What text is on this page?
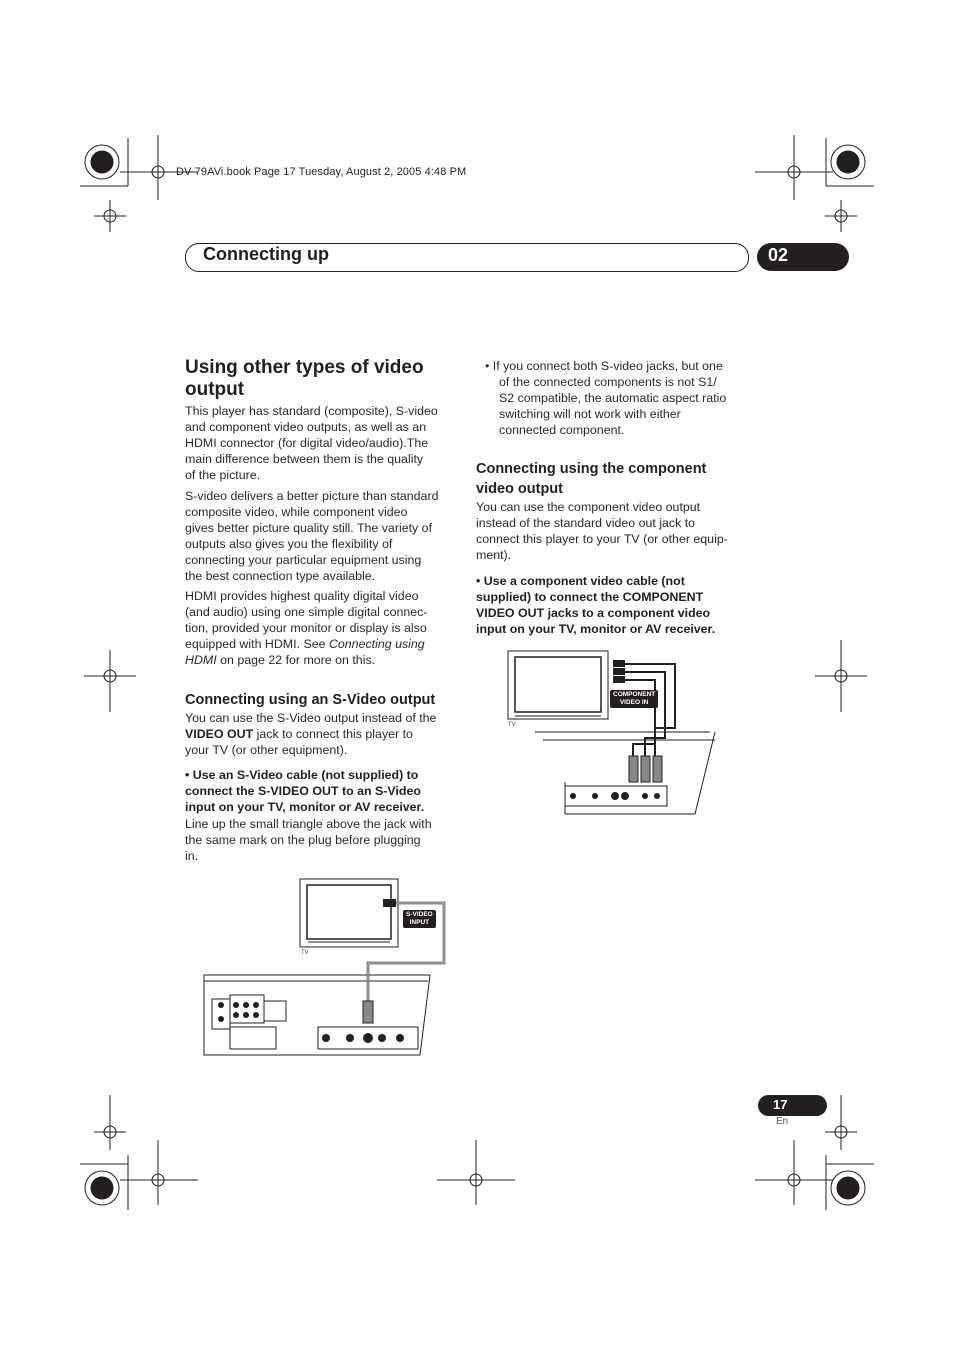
DV-79AVi.book Page 17 Tuesday, August 2, 2005 4:48 PM
Connecting up	02
Using other types of video
output
This player has standard (composite), S-video
and component video outputs, as well as an
HDMI connector (for digital video/audio).The
main difference between them is the quality
of the picture.
S-video delivers a better picture than standard
composite video, while component video
gives better picture quality still. The variety of
outputs also gives you the flexibility of
connecting your particular equipment using
the best connection type available.
HDMI provides highest quality digital video
(and audio) using one simple digital connec-
tion, provided your monitor or display is also
equipped with HDMI. See Connecting using
HDMI on page 22 for more on this.
Connecting using an S-Video output
You can use the S-Video output instead of the
VIDEO OUT jack to connect this player to
your TV (or other equipment).
• Use an S-Video cable (not supplied) to
connect the S-VIDEO OUT to an S-Video
input on your TV, monitor or AV receiver.
Line up the small triangle above the jack with
the same mark on the plug before plugging
in.
S-VIDEO
INPUT
TV
• If you connect both S-video jacks, but one
of the connected components is not S1/
S2 compatible, the automatic aspect ratio
switching will not work with either
connected component.
Connecting using the component
video output
You can use the component video output
instead of the standard video out jack to
connect this player to your TV (or other equip-
ment).
• Use a component video cable (not
supplied) to connect the COMPONENT
VIDEO OUT jacks to a component video
input on your TV, monitor or AV receiver.
COMPONENT
VIDEO IN
TV
17
En
